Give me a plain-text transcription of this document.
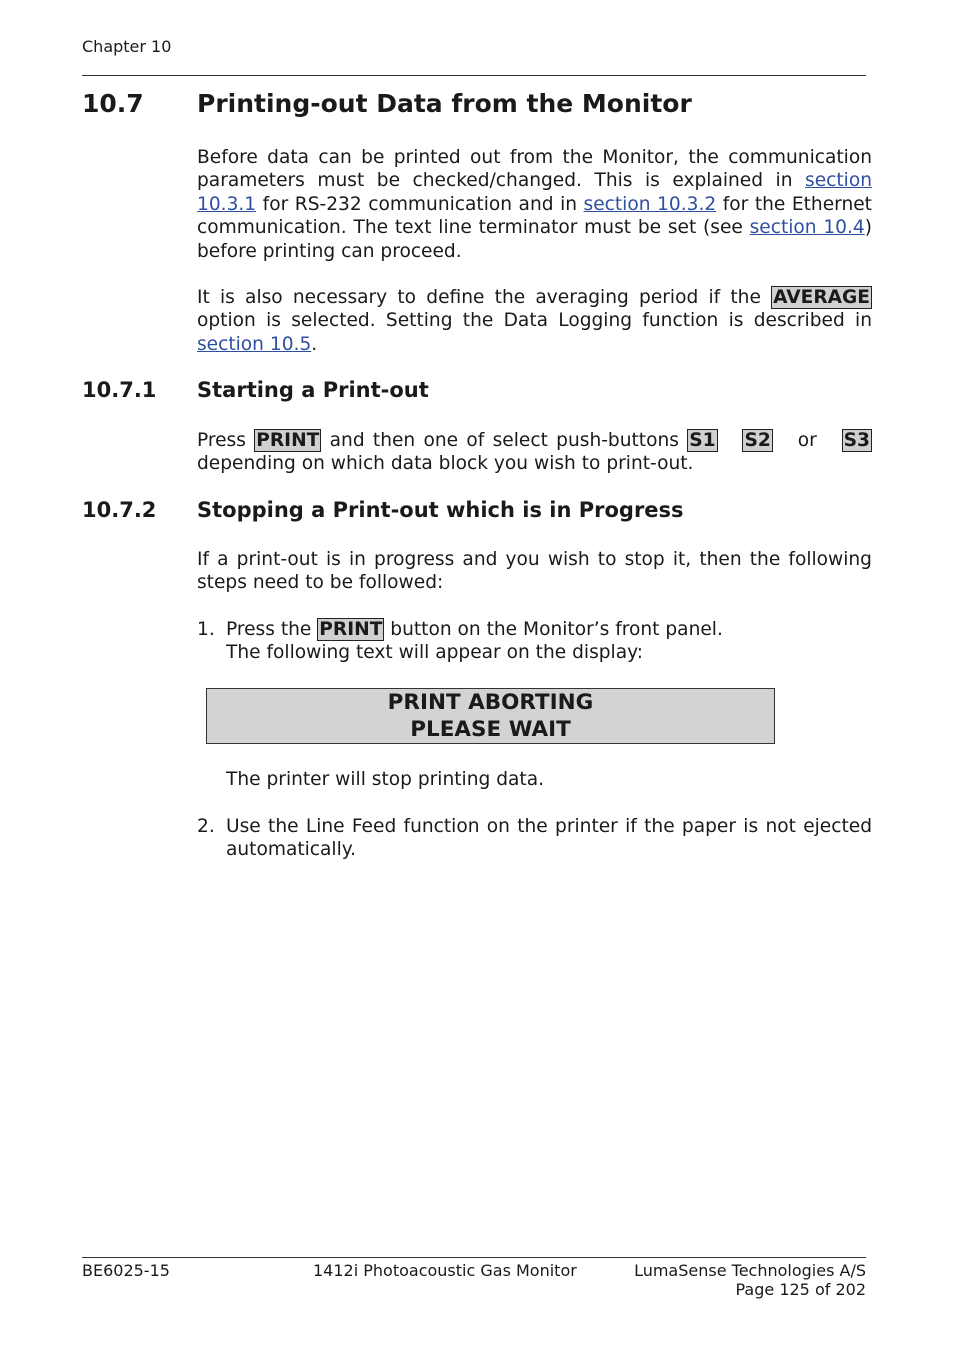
Chapter 10
10.7 Printing-out Data from the Monitor

Before data can be printed out from the Monitor, the communication parameters must be checked/changed. This is explained in section 10.3.1 for RS-232 communication and in section 10.3.2 for the Ethernet communication. The text line terminator must be set (see section 10.4) before printing can proceed.

It is also necessary to define the averaging period if the AVERAGE option is selected. Setting the Data Logging function is described in section 10.5.

10.7.1 Starting a Print-out

Press PRINT and then one of select push-buttons S1 S2   or   S3 depending on which data block you wish to print-out.

10.7.2 Stopping a Print-out which is in Progress

If a print-out is in progress and you wish to stop it, then the following steps need to be followed:

1. Press the PRINT button on the Monitor’s front panel.
The following text will appear on the display:

PRINT ABORTING
PLEASE WAIT

The printer will stop printing data.

2. Use the Line Feed function on the printer if the paper is not ejected automatically.

BE6025-15	1412i Photoacoustic Gas Monitor	LumaSense Technologies A/S
Page 125 of 202
